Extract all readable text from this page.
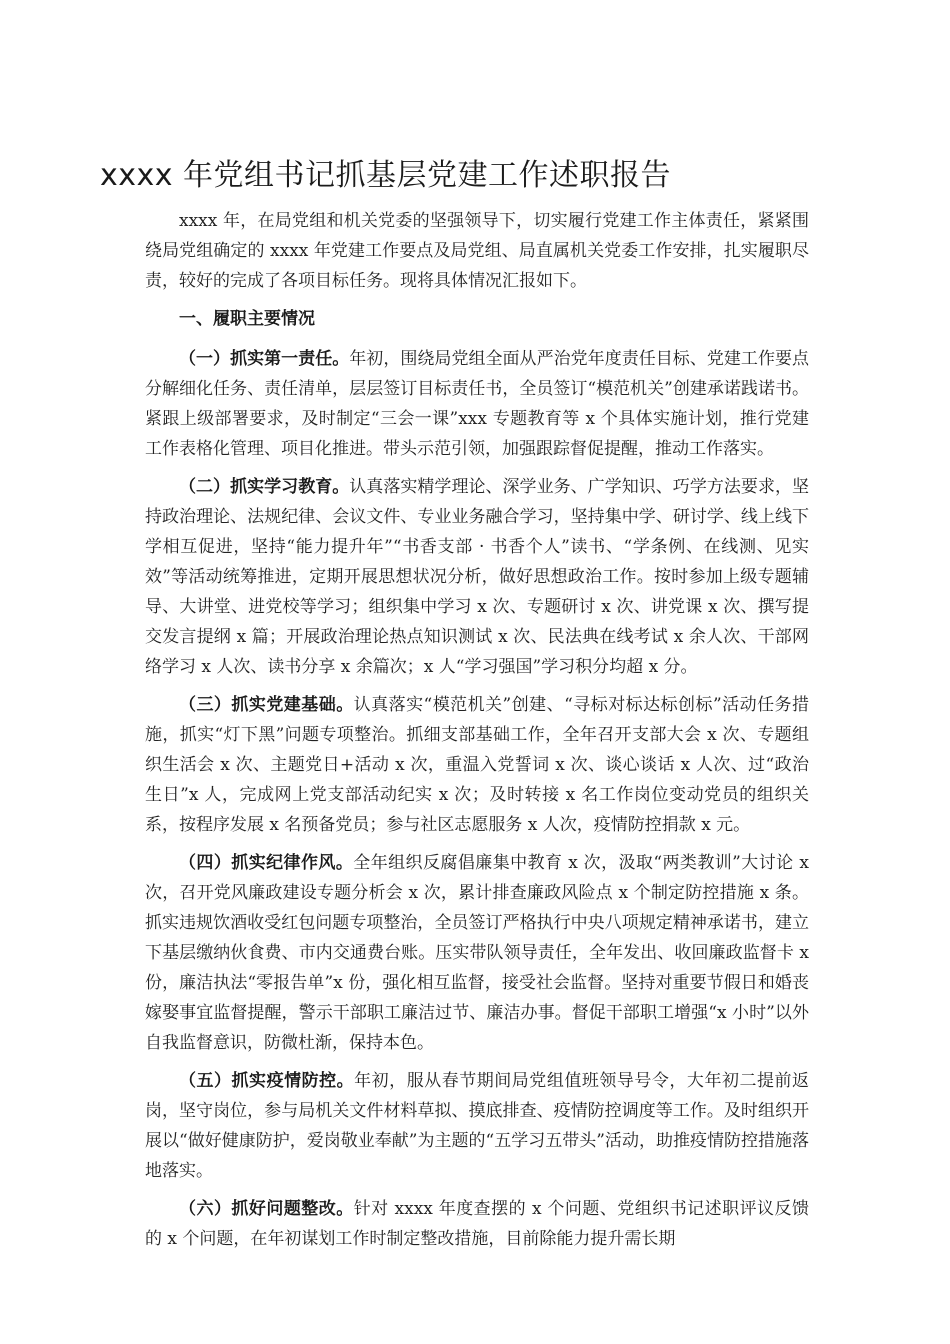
xxxx 年党组书记抓基层党建工作述职报告

xxxx 年，在局党组和机关党委的坚强领导下，切实履行党建工作主体责任，紧紧围绕局党组确定的 xxxx 年党建工作要点及局党组、局直属机关党委工作安排，扎实履职尽责，较好的完成了各项目标任务。现将具体情况汇报如下。

一、履职主要情况

（一）抓实第一责任。年初，围绕局党组全面从严治党年度责任目标、党建工作要点分解细化任务、责任清单，层层签订目标责任书，全员签订“模范机关”创建承诺践诺书。紧跟上级部署要求，及时制定“三会一课”xxx 专题教育等 x 个具体实施计划，推行党建工作表格化管理、项目化推进。带头示范引领，加强跟踪督促提醒，推动工作落实。

（二）抓实学习教育。认真落实精学理论、深学业务、广学知识、巧学方法要求，坚持政治理论、法规纪律、会议文件、专业业务融合学习，坚持集中学、研讨学、线上线下学相互促进，坚持“能力提升年”“书香支部 · 书香个人”读书、“学条例、在线测、见实效”等活动统筹推进，定期开展思想状况分析，做好思想政治工作。按时参加上级专题辅导、大讲堂、进党校等学习；组织集中学习 x 次、专题研讨 x 次、讲党课 x 次、撰写提交发言提纲 x 篇；开展政治理论热点知识测试 x 次、民法典在线考试 x 余人次、干部网络学习 x 人次、读书分享 x 余篇次；x 人“学习强国”学习积分均超 x 分。

（三）抓实党建基础。认真落实“模范机关”创建、“寻标对标达标创标”活动任务措施，抓实“灯下黑”问题专项整治。抓细支部基础工作，全年召开支部大会 x 次、专题组织生活会 x 次、主题党日+活动 x 次，重温入党誓词 x 次、谈心谈话 x 人次、过“政治生日”x 人，完成网上党支部活动纪实 x 次；及时转接 x 名工作岗位变动党员的组织关系，按程序发展 x 名预备党员；参与社区志愿服务 x 人次，疫情防控捐款 x 元。

（四）抓实纪律作风。全年组织反腐倡廉集中教育 x 次，汲取“两类教训”大讨论 x 次，召开党风廉政建设专题分析会 x 次，累计排查廉政风险点 x 个制定防控措施 x 条。抓实违规饮酒收受红包问题专项整治，全员签订严格执行中央八项规定精神承诺书，建立下基层缴纳伙食费、市内交通费台账。压实带队领导责任，全年发出、收回廉政监督卡 x 份，廉洁执法“零报告单”x 份，强化相互监督，接受社会监督。坚持对重要节假日和婚丧嫁娶事宜监督提醒，警示干部职工廉洁过节、廉洁办事。督促干部职工增强“x 小时”以外自我监督意识，防微杜渐，保持本色。

（五）抓实疫情防控。年初，服从春节期间局党组值班领导号令，大年初二提前返岗，坚守岗位，参与局机关文件材料草拟、摸底排查、疫情防控调度等工作。及时组织开展以“做好健康防护，爱岗敬业奉献”为主题的“五学习五带头”活动，助推疫情防控措施落地落实。

（六）抓好问题整改。针对 xxxx 年度查摆的 x 个问题、党组织书记述职评议反馈的 x 个问题，在年初谋划工作时制定整改措施，目前除能力提升需长期
